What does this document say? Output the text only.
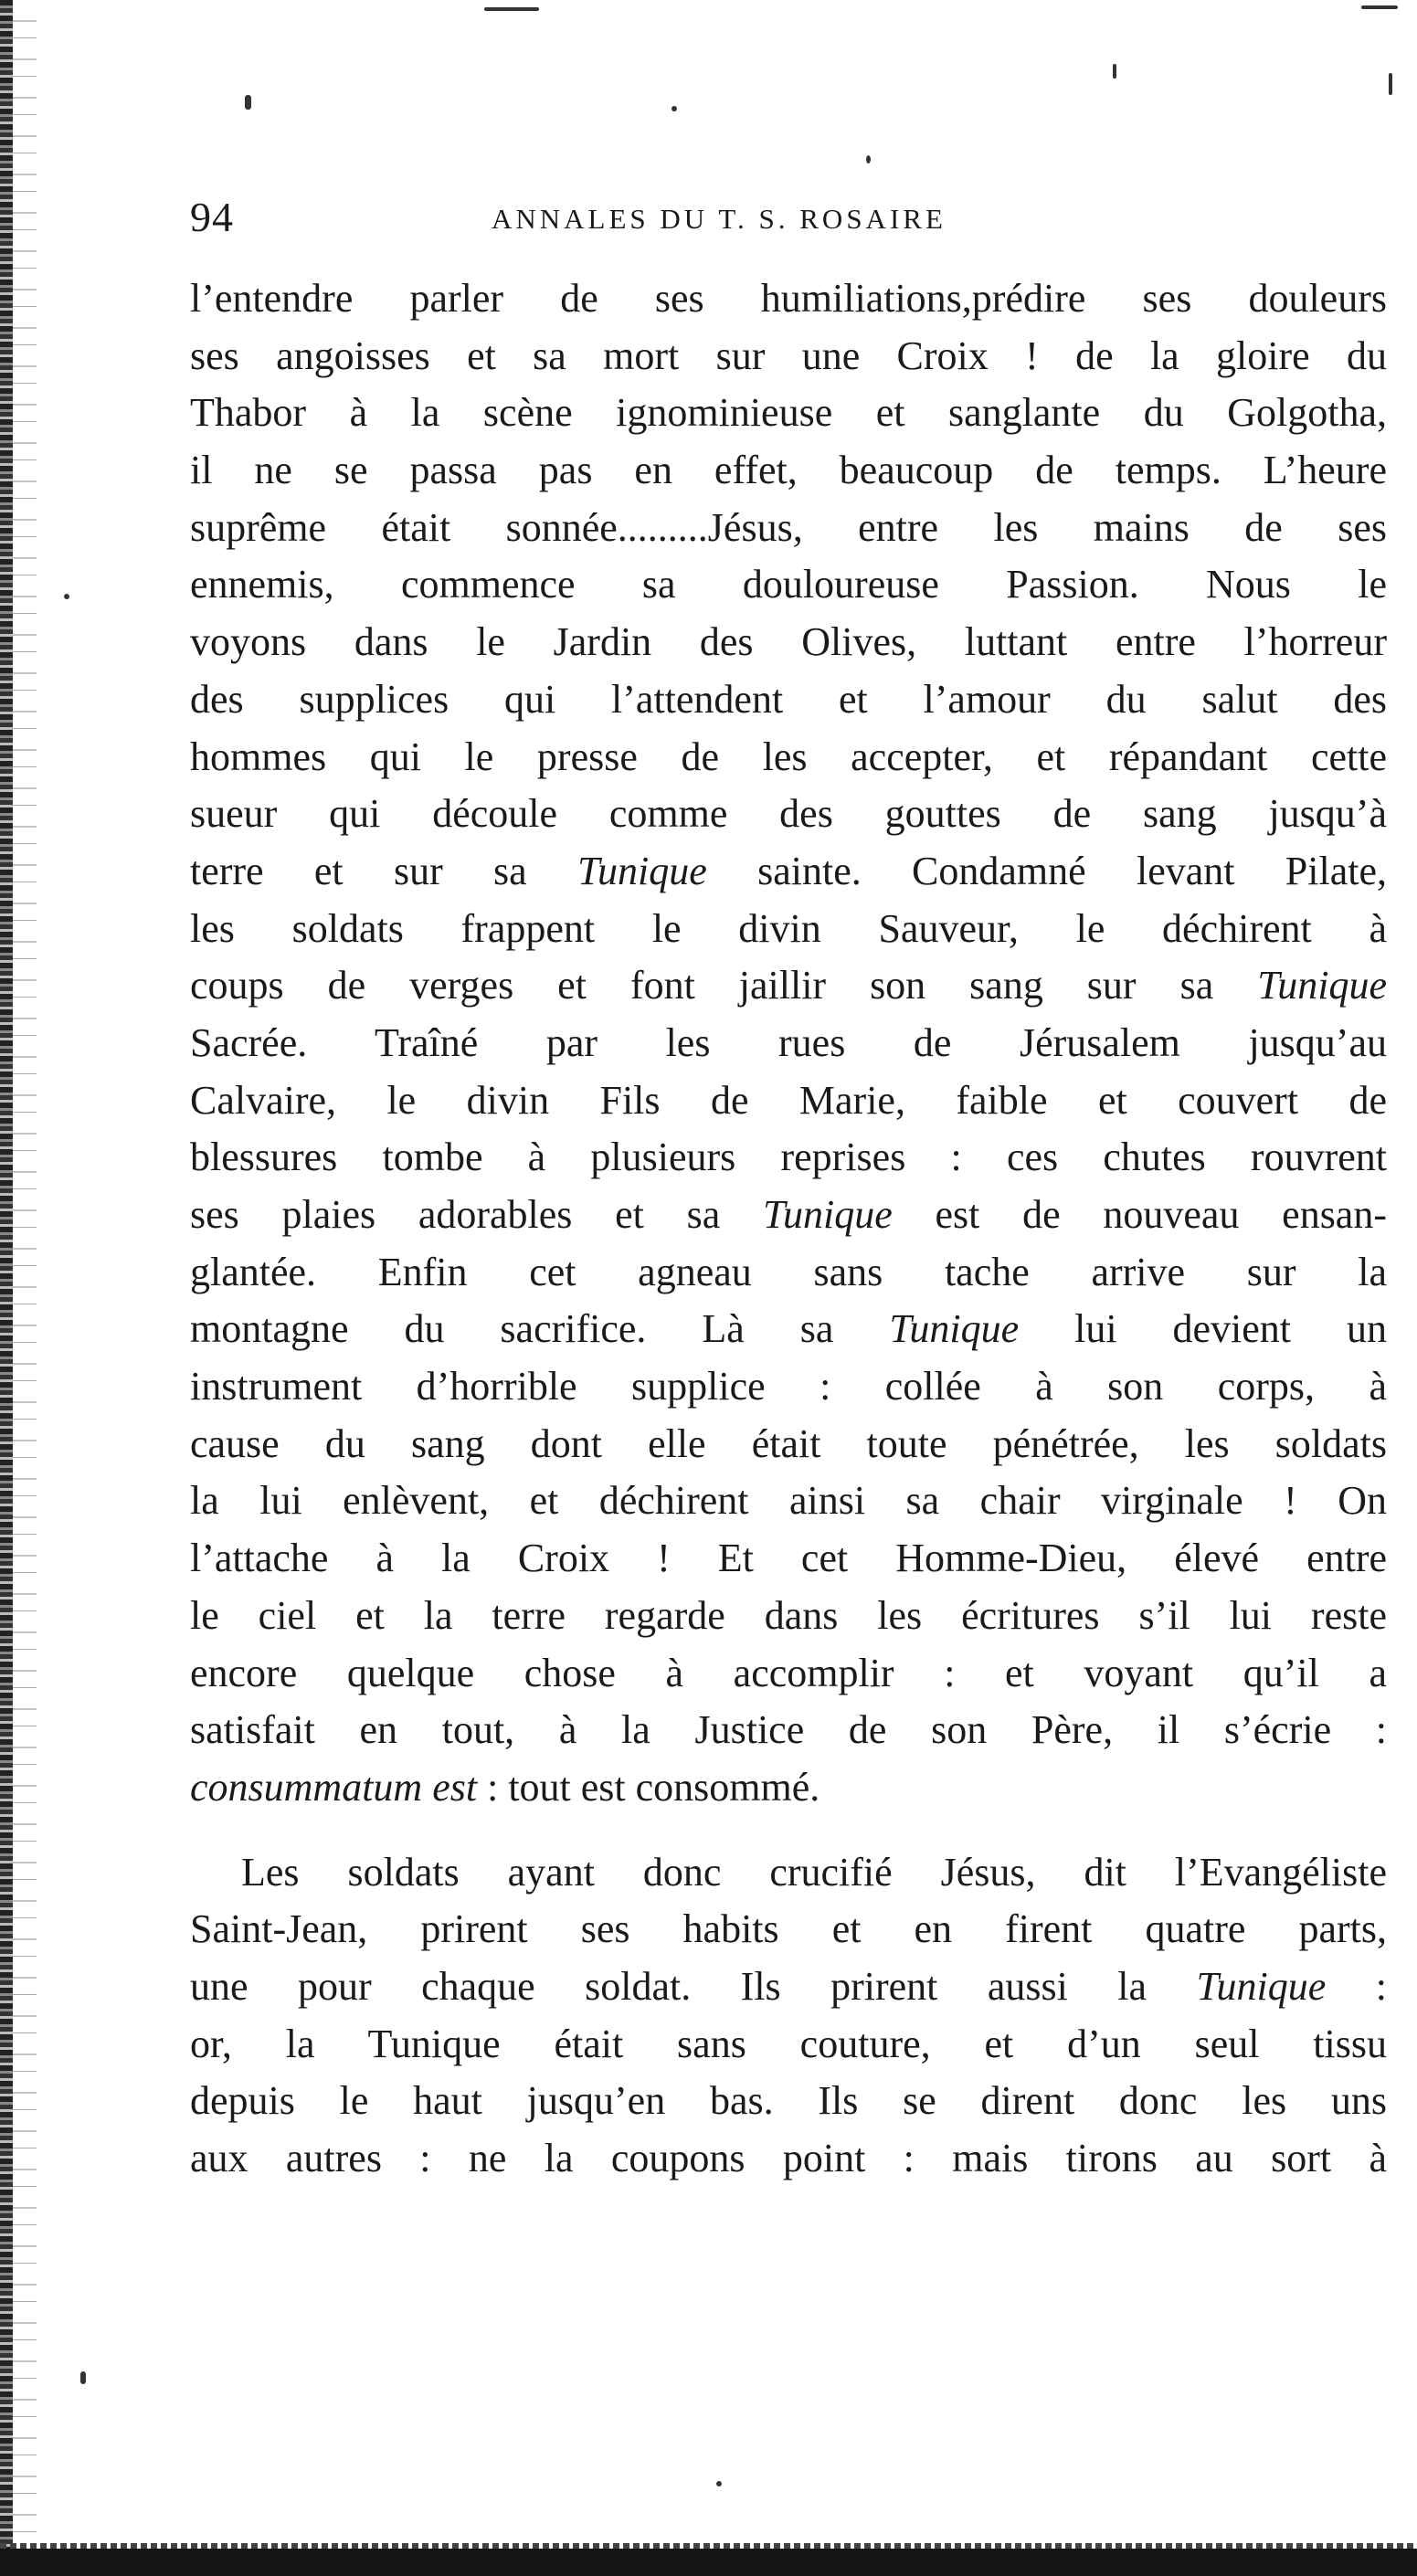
94	ANNALES DU T. S. ROSAIRE

l’entendre parler de ses humiliations,prédire ses douleurs
ses angoisses et sa mort sur une Croix ! de la gloire du
Thabor à la scène ignominieuse et sanglante du Golgotha,
il ne se passa pas en effet, beaucoup de temps. L’heure
suprême était sonnée.........Jésus, entre les mains de ses
ennemis, commence sa douloureuse Passion. Nous le
voyons dans le Jardin des Olives, luttant entre l’horreur
des supplices qui l’attendent et l’amour du salut des
hommes qui le presse de les accepter, et répandant cette
sueur qui découle comme des gouttes de sang jusqu’à
terre et sur sa Tunique sainte. Condamné levant Pilate,
les soldats frappent le divin Sauveur, le déchirent à
coups de verges et font jaillir son sang sur sa Tunique
Sacrée. Traîné par les rues de Jérusalem jusqu’au
Calvaire, le divin Fils de Marie, faible et couvert de
blessures tombe à plusieurs reprises : ces chutes rouvrent
ses plaies adorables et sa Tunique est de nouveau ensan-
glantée. Enfin cet agneau sans tache arrive sur la
montagne du sacrifice. Là sa Tunique lui devient un
instrument d’horrible supplice : collée à son corps, à
cause du sang dont elle était toute pénétrée, les soldats
la lui enlèvent, et déchirent ainsi sa chair virginale ! On
l’attache à la Croix ! Et cet Homme-Dieu, élevé entre
le ciel et la terre regarde dans les écritures s’il lui reste
encore quelque chose à accomplir : et voyant qu’il a
satisfait en tout, à la Justice de son Père, il s’écrie :
consummatum est : tout est consommé.

Les soldats ayant donc crucifié Jésus, dit l’Evangéliste
Saint-Jean, prirent ses habits et en firent quatre parts,
une pour chaque soldat. Ils prirent aussi la Tunique :
or, la Tunique était sans couture, et d’un seul tissu
depuis le haut jusqu’en bas. Ils se dirent donc les uns
aux autres : ne la coupons point : mais tirons au sort à
